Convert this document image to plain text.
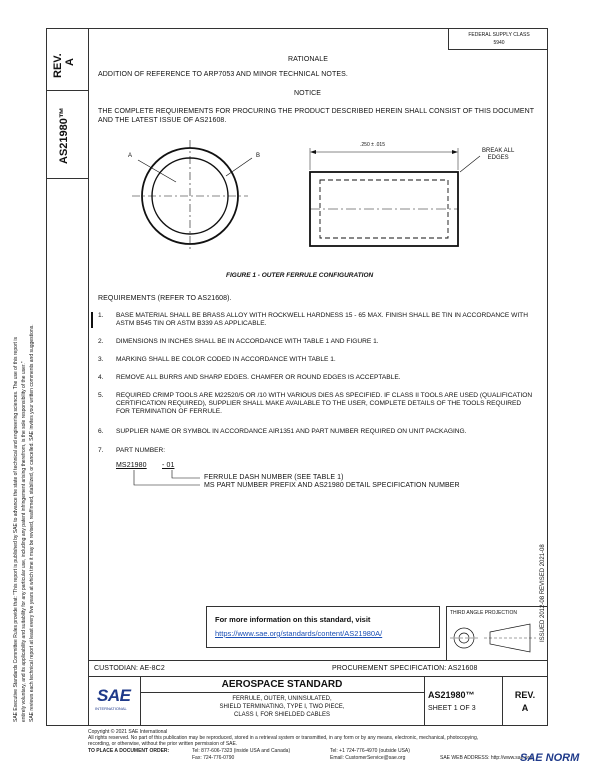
REV. A
AS21980™
SAE Executive Standards Committee Rules provide that: "This report is published by SAE to advance the state of technical and engineering sciences. The use of this report is entirely voluntary, and its applicability and suitability for any particular use, including any patent infringement arising therefrom, is the sole responsibility of the user." SAE reviews each technical report at least every five years at which time it may be revised, reaffirmed, stabilized, or cancelled. SAE invites your written comments and suggestions.
FEDERAL SUPPLY CLASS
5940
RATIONALE
ADDITION OF REFERENCE TO ARP7053 AND MINOR TECHNICAL NOTES.
NOTICE
THE COMPLETE REQUIREMENTS FOR PROCURING THE PRODUCT DESCRIBED HEREIN SHALL CONSIST OF THIS DOCUMENT AND THE LATEST ISSUE OF AS21608.
A	B
.250 ± .015
BREAK ALL
EDGES
FIGURE 1 - OUTER FERRULE CONFIGURATION
REQUIREMENTS (REFER TO AS21608).
1. BASE MATERIAL SHALL BE BRASS ALLOY WITH ROCKWELL HARDNESS 15 - 65 MAX. FINISH SHALL BE TIN IN ACCORDANCE WITH ASTM B545 TIN OR ASTM B339 AS APPLICABLE.
2. DIMENSIONS IN INCHES SHALL BE IN ACCORDANCE WITH TABLE 1 AND FIGURE 1.
3. MARKING SHALL BE COLOR CODED IN ACCORDANCE WITH TABLE 1.
4. REMOVE ALL BURRS AND SHARP EDGES. CHAMFER OR ROUND EDGES IS ACCEPTABLE.
5. REQUIRED CRIMP TOOLS ARE M22520/5 OR /10 WITH VARIOUS DIES AS SPECIFIED. IF CLASS II TOOLS ARE USED (QUALIFICATION CERTIFICATION REQUIRED), SUPPLIER SHALL MAKE AVAILABLE TO THE USER, COMPLETE DETAILS OF THE TOOLS REQUIRED FOR TERMINATION OF FERRULE.
6. SUPPLIER NAME OR SYMBOL IN ACCORDANCE AIR1351 AND PART NUMBER REQUIRED ON UNIT PACKAGING.
7. PART NUMBER:
MS21980 - 01
FERRULE DASH NUMBER (SEE TABLE 1)
MS PART NUMBER PREFIX AND AS21980 DETAIL SPECIFICATION NUMBER
ISSUED 2012-08 REVISED 2021-08
For more information on this standard, visit
https://www.sae.org/standards/content/AS21980A/
THIRD ANGLE PROJECTION
CUSTODIAN: AE-8C2	PROCUREMENT SPECIFICATION: AS21608
SAE
INTERNATIONAL
AEROSPACE STANDARD
FERRULE, OUTER, UNINSULATED,
SHIELD TERMINATING, TYPE I, TWO PIECE,
CLASS I, FOR SHIELDED CABLES
AS21980™
SHEET 1 OF 3
REV.
A
Copyright © 2021 SAE International
All rights reserved. No part of this publication may be reproduced, stored in a retrieval system or transmitted, in any form or by any means, electronic, mechanical, photocopying,
recording, or otherwise, without the prior written permission of SAE.
TO PLACE A DOCUMENT ORDER:	Tel: 877-606-7323 (inside USA and Canada)
Fax: 724-776-0790
Tel: +1 724-776-4970 (outside USA)
Email: CustomerService@sae.org	SAE WEB ADDRESS: http://www.sae.org
SAE NORM
